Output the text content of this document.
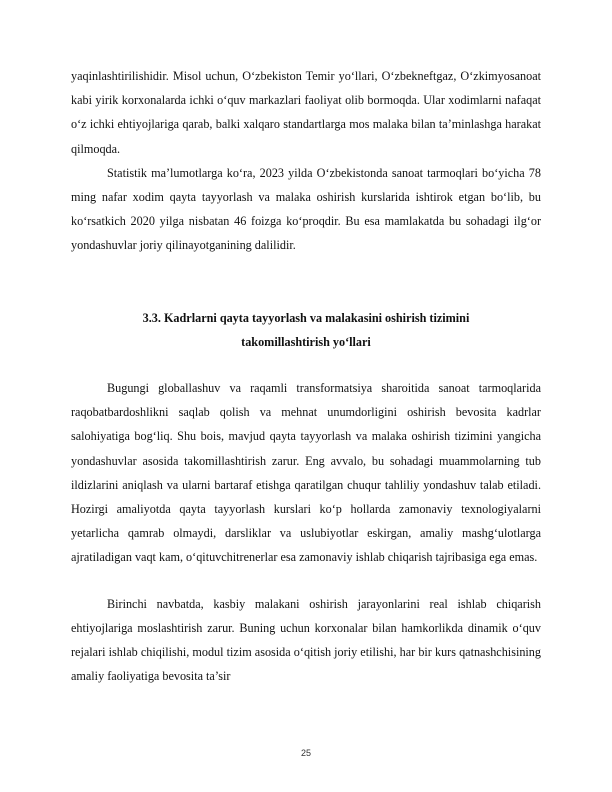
yaqinlashtirilishidir. Misol uchun, O‘zbekiston Temir yo‘llari, O‘zbekneftgaz, O‘zkimyosanoat kabi yirik korxonalarda ichki o‘quv markazlari faoliyat olib bormoqda. Ular xodimlarni nafaqat o‘z ichki ehtiyojlariga qarab, balki xalqaro standartlarga mos malaka bilan ta’minlashga harakat qilmoqda.

Statistik ma’lumotlarga ko‘ra, 2023 yilda O‘zbekistonda sanoat tarmoqlari bo‘yicha 78 ming nafar xodim qayta tayyorlash va malaka oshirish kurslarida ishtirok etgan bo‘lib, bu ko‘rsatkich 2020 yilga nisbatan 46 foizga ko‘proqdir. Bu esa mamlakatda bu sohadagi ilg‘or yondashuvlar joriy qilinayotganining dalilidir.

3.3. Kadrlarni qayta tayyorlash va malakasini oshirish tizimini
takomillashtirish yo‘llari

Bugungi globallashuv va raqamli transformatsiya sharoitida sanoat tarmoqlarida raqobatbardoshlikni saqlab qolish va mehnat unumdorligini oshirish bevosita kadrlar salohiyatiga bog‘liq. Shu bois, mavjud qayta tayyorlash va malaka oshirish tizimini yangicha yondashuvlar asosida takomillashtirish zarur. Eng avvalo, bu sohadagi muammolarning tub ildizlarini aniqlash va ularni bartaraf etishga qaratilgan chuqur tahliliy yondashuv talab etiladi. Hozirgi amaliyotda qayta tayyorlash kurslari ko‘p hollarda zamonaviy texnologiyalarni yetarlicha qamrab olmaydi, darsliklar va uslubiyotlar eskirgan, amaliy mashg‘ulotlarga ajratiladigan vaqt kam, o‘qituvchitrenerlar esa zamonaviy ishlab chiqarish tajribasiga ega emas.

Birinchi navbatda, kasbiy malakani oshirish jarayonlarini real ishlab chiqarish ehtiyojlariga moslashtirish zarur. Buning uchun korxonalar bilan hamkorlikda dinamik o‘quv rejalari ishlab chiqilishi, modul tizim asosida o‘qitish joriy etilishi, har bir kurs qatnashchisining amaliy faoliyatiga bevosita ta’sir

25
